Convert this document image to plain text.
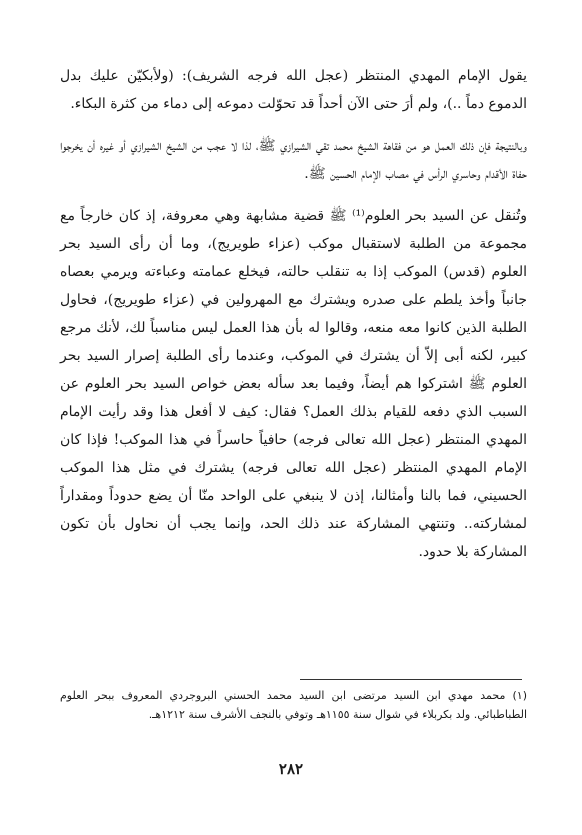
يقول الإمام المهدي المنتظر (عجل الله فرجه الشريف): (ولأبكيّن عليك بدل الدموع دماً ..)، ولم أرَ حتى الآن أحداً قد تحوّلت دموعه إلى دماء من كثرة البكاء.

وبالنتيجة فإن ذلك العمل هو من فقاهة الشيخ محمد تقي الشيرازي ﷺ، لذا لا عجب من الشيخ الشيرازي أو غيره أن يخرجوا حفاة الأقدام وحاسري الرأس في مصاب الإمام الحسين ﷺ.

وتُنقل عن السيد بحر العلوم⁽¹⁾ ﷺ قضية مشابهة وهي معروفة، إذ كان خارجاً مع مجموعة من الطلبة لاستقبال موكب (عزاء طويريج)، وما أن رأى السيد بحر العلوم (قدس) الموكب إذا به تنقلب حالته، فيخلع عمامته وعباءته ويرمي بعصاه جانباً وأخذ يلطم على صدره ويشترك مع المهرولين في (عزاء طويريج)، فحاول الطلبة الذين كانوا معه منعه، وقالوا له بأن هذا العمل ليس مناسباً لك، لأنك مرجع كبير، لكنه أبى إلاّ أن يشترك في الموكب، وعندما رأى الطلبة إصرار السيد بحر العلوم ﷺ اشتركوا هم أيضاً، وفيما بعد سأله بعض خواص السيد بحر العلوم عن السبب الذي دفعه للقيام بذلك العمل؟ فقال: كيف لا أفعل هذا وقد رأيت الإمام المهدي المنتظر (عجل الله تعالى فرجه) حافياً حاسراً في هذا الموكب! فإذا كان الإمام المهدي المنتظر (عجل الله تعالى فرجه) يشترك في مثل هذا الموكب الحسيني، فما بالنا وأمثالنا، إذن لا ينبغي على الواحد منّا أن يضع حدوداً ومقداراً لمشاركته.. وتنتهي المشاركة عند ذلك الحد، وإنما يجب أن نحاول بأن تكون المشاركة بلا حدود.

(١) محمد مهدي ابن السيد مرتضى ابن السيد محمد الحسني البروجردي المعروف ببحر العلوم الطباطبائي. ولد بكربلاء في شوال سنة ١١٥٥هـ وتوفي بالنجف الأشرف سنة ١٢١٢هـ.

٢٨٢
